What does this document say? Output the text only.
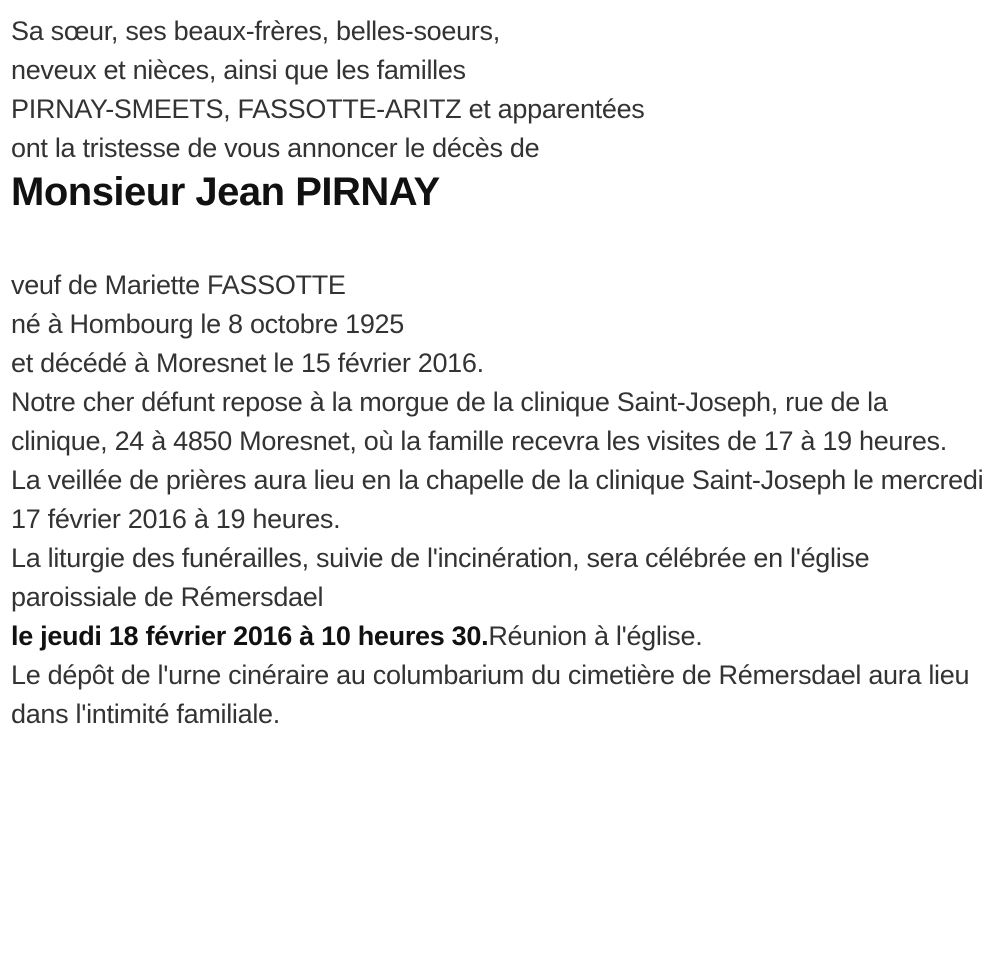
Sa sœur, ses beaux-frères, belles-soeurs,
neveux et nièces, ainsi que les familles
PIRNAY-SMEETS, FASSOTTE-ARITZ et apparentées

ont la tristesse de vous annoncer le décès de

Monsieur Jean PIRNAY

veuf de Mariette FASSOTTE

né à Hombourg le 8 octobre 1925

et décédé à Moresnet le 15 février 2016.

Notre cher défunt repose à la morgue de la clinique Saint-Joseph, rue de la clinique, 24 à 4850 Moresnet, où la famille recevra les visites de 17 à 19 heures.

La veillée de prières aura lieu en la chapelle de la clinique Saint-Joseph le mercredi 17 février 2016 à 19 heures.

La liturgie des funérailles, suivie de l'incinération, sera célébrée en l'église paroissiale de Rémersdael

le jeudi 18 février 2016 à 10 heures 30.Réunion à l'église.

Le dépôt de l'urne cinéraire au columbarium du cimetière de Rémersdael aura lieu dans l'intimité familiale.
